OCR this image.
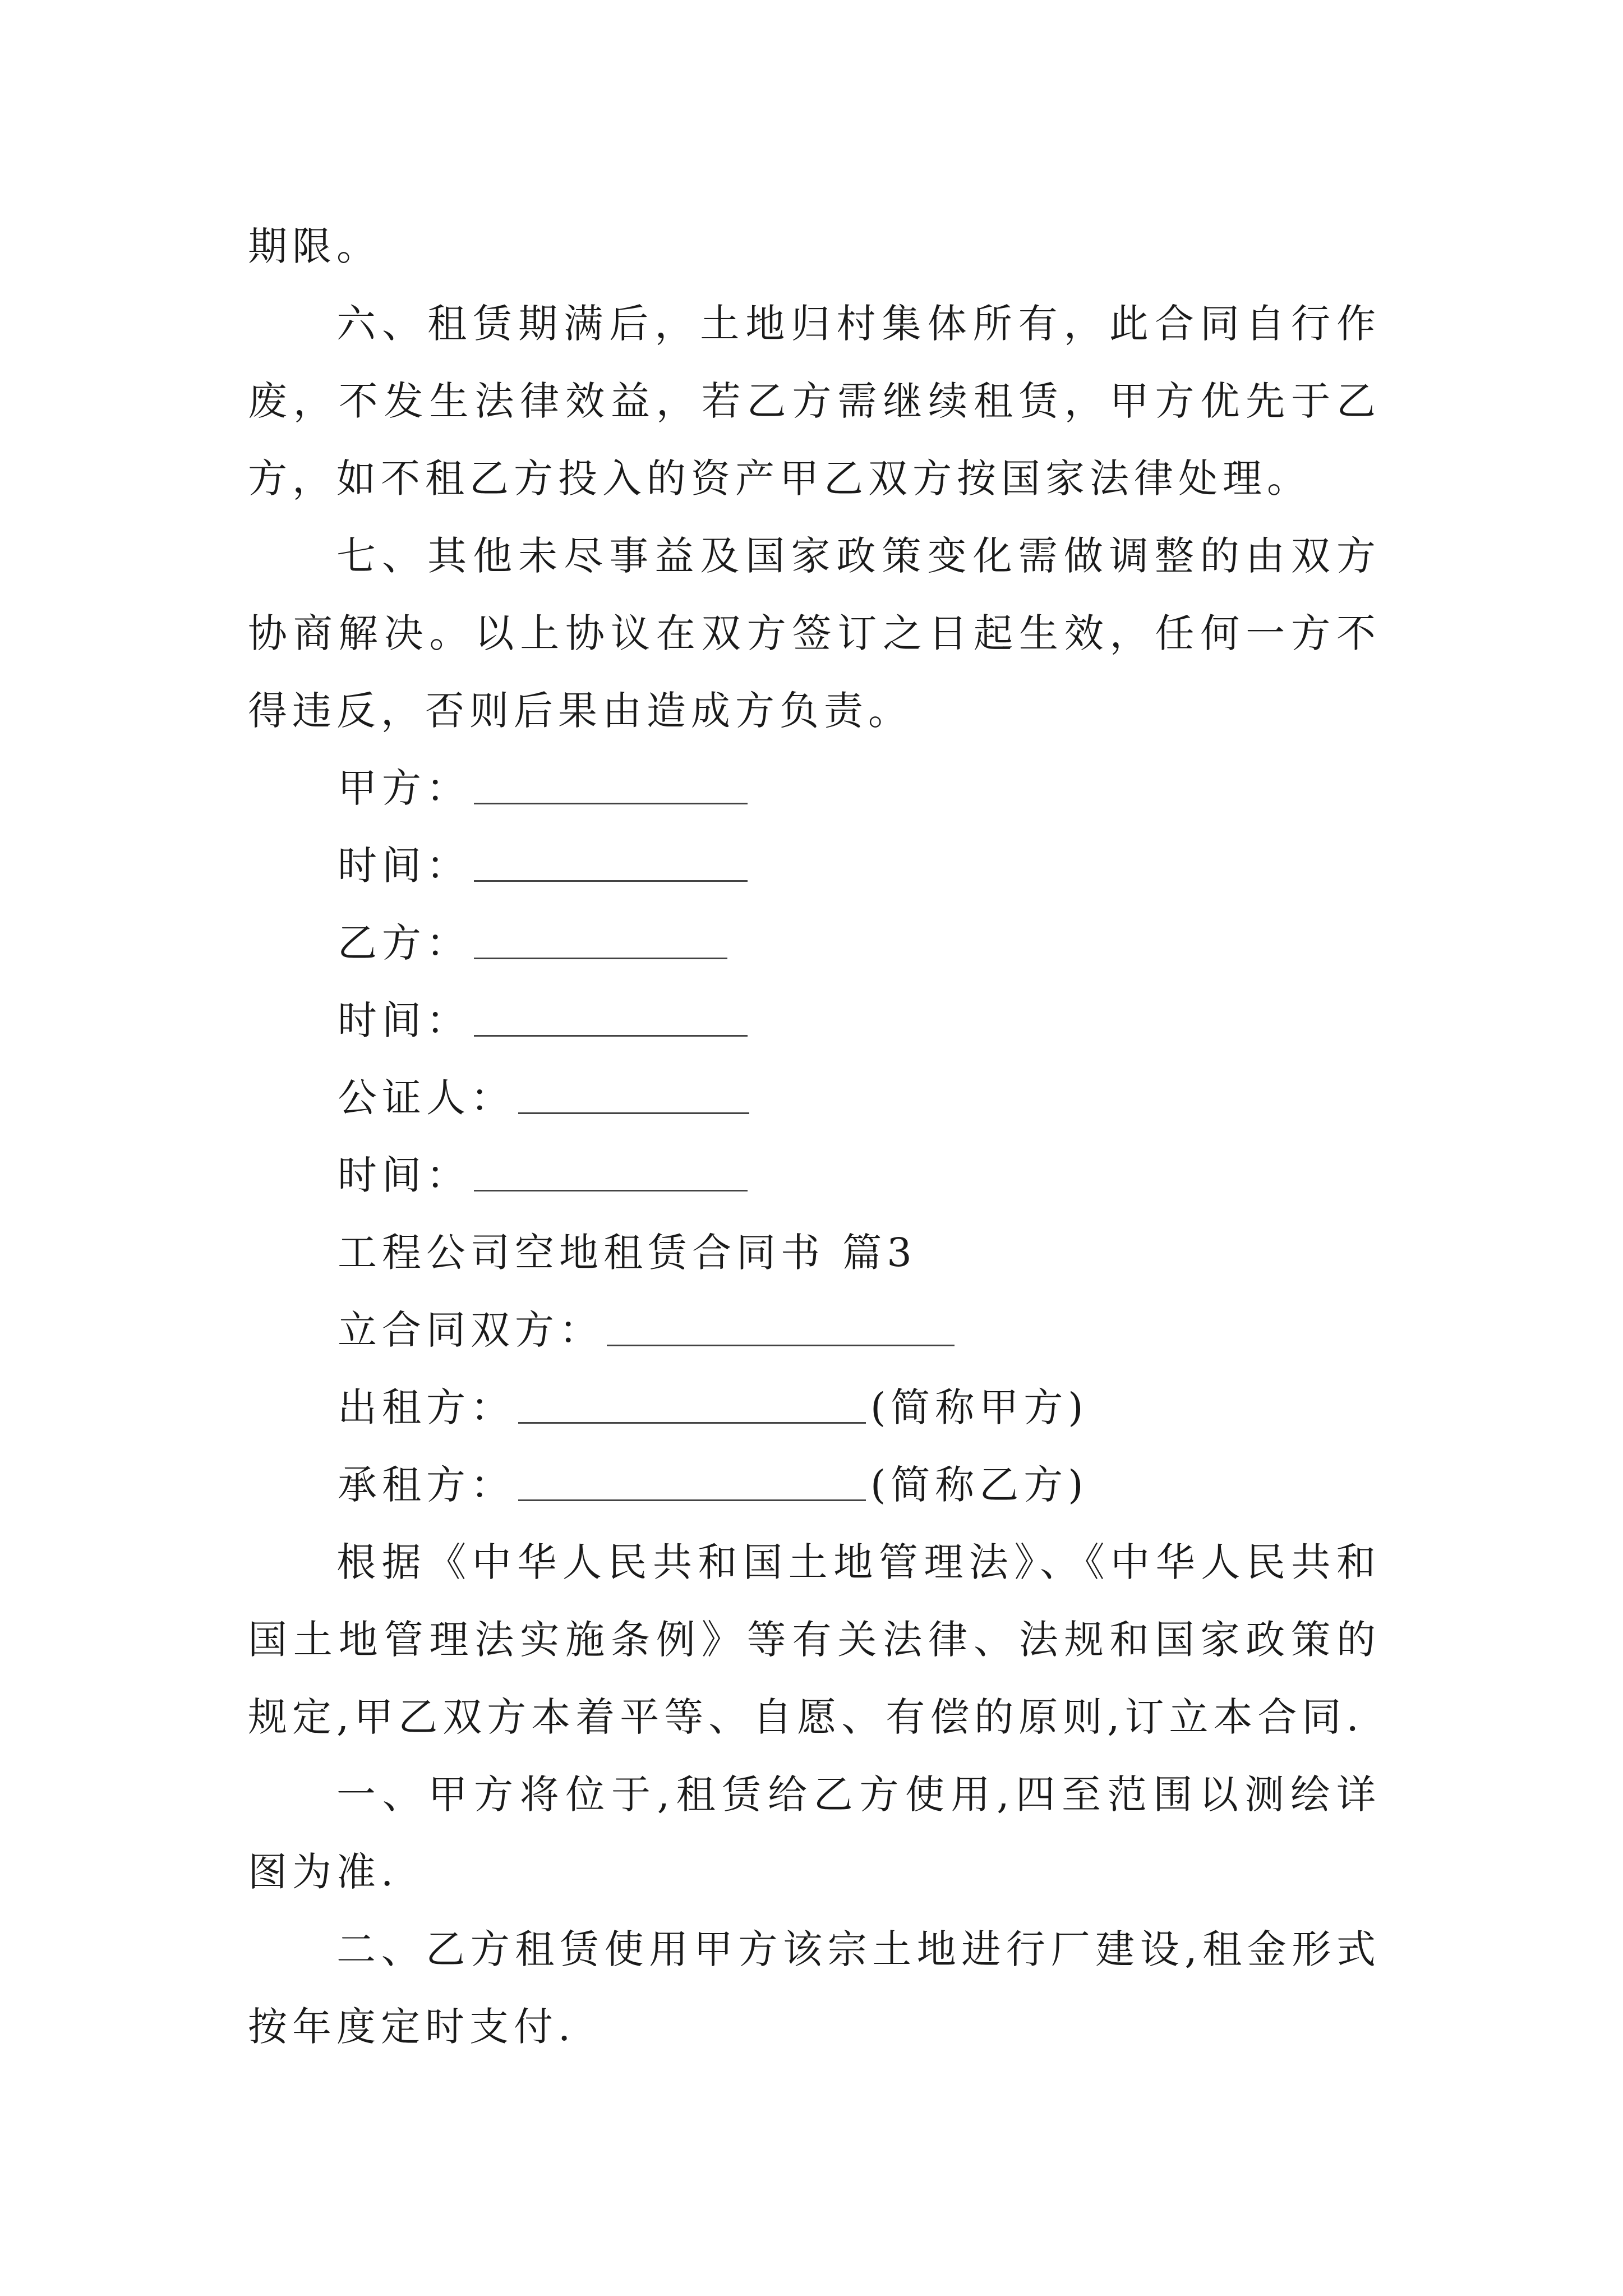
期限。

六、租赁期满后，土地归村集体所有，此合同自行作废，不发生法律效益，若乙方需继续租赁，甲方优先于乙方，如不租乙方投入的资产甲乙双方按国家法律处理。

七、其他未尽事益及国家政策变化需做调整的由双方协商解决。以上协议在双方签订之日起生效，任何一方不得违反，否则后果由造成方负责。

甲方：
时间：
乙方：
时间：
公证人：
时间：
工程公司空地租赁合同书 篇3
立合同双方：
出租方：	(简称甲方)
承租方：	(简称乙方)

根据《中华人民共和国土地管理法》、《中华人民共和国土地管理法实施条例》等有关法律、法规和国家政策的规定,甲乙双方本着平等、自愿、有偿的原则,订立本合同.

一、甲方将位于,租赁给乙方使用,四至范围以测绘详图为准.

二、乙方租赁使用甲方该宗土地进行厂建设,租金形式按年度定时支付.
